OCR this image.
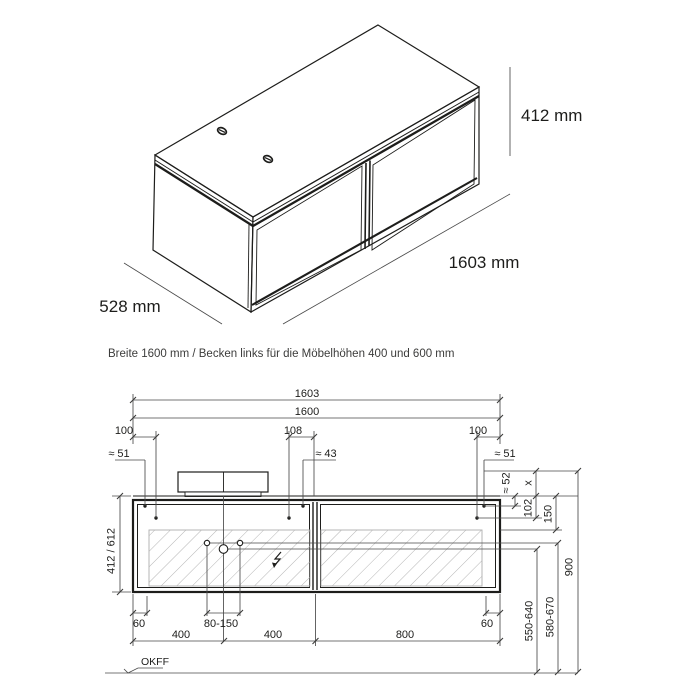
412 mm
1603 mm
528 mm
Breite 1600 mm / Becken links für die Möbelhöhen 400 und 600 mm
1603
1600
100	108	100
≈ 51	≈ 43	≈ 51
412 / 612
≈ 52 x
102 150
900
550-640 580-670
60	80-150	60
400	400	800
OKFF
